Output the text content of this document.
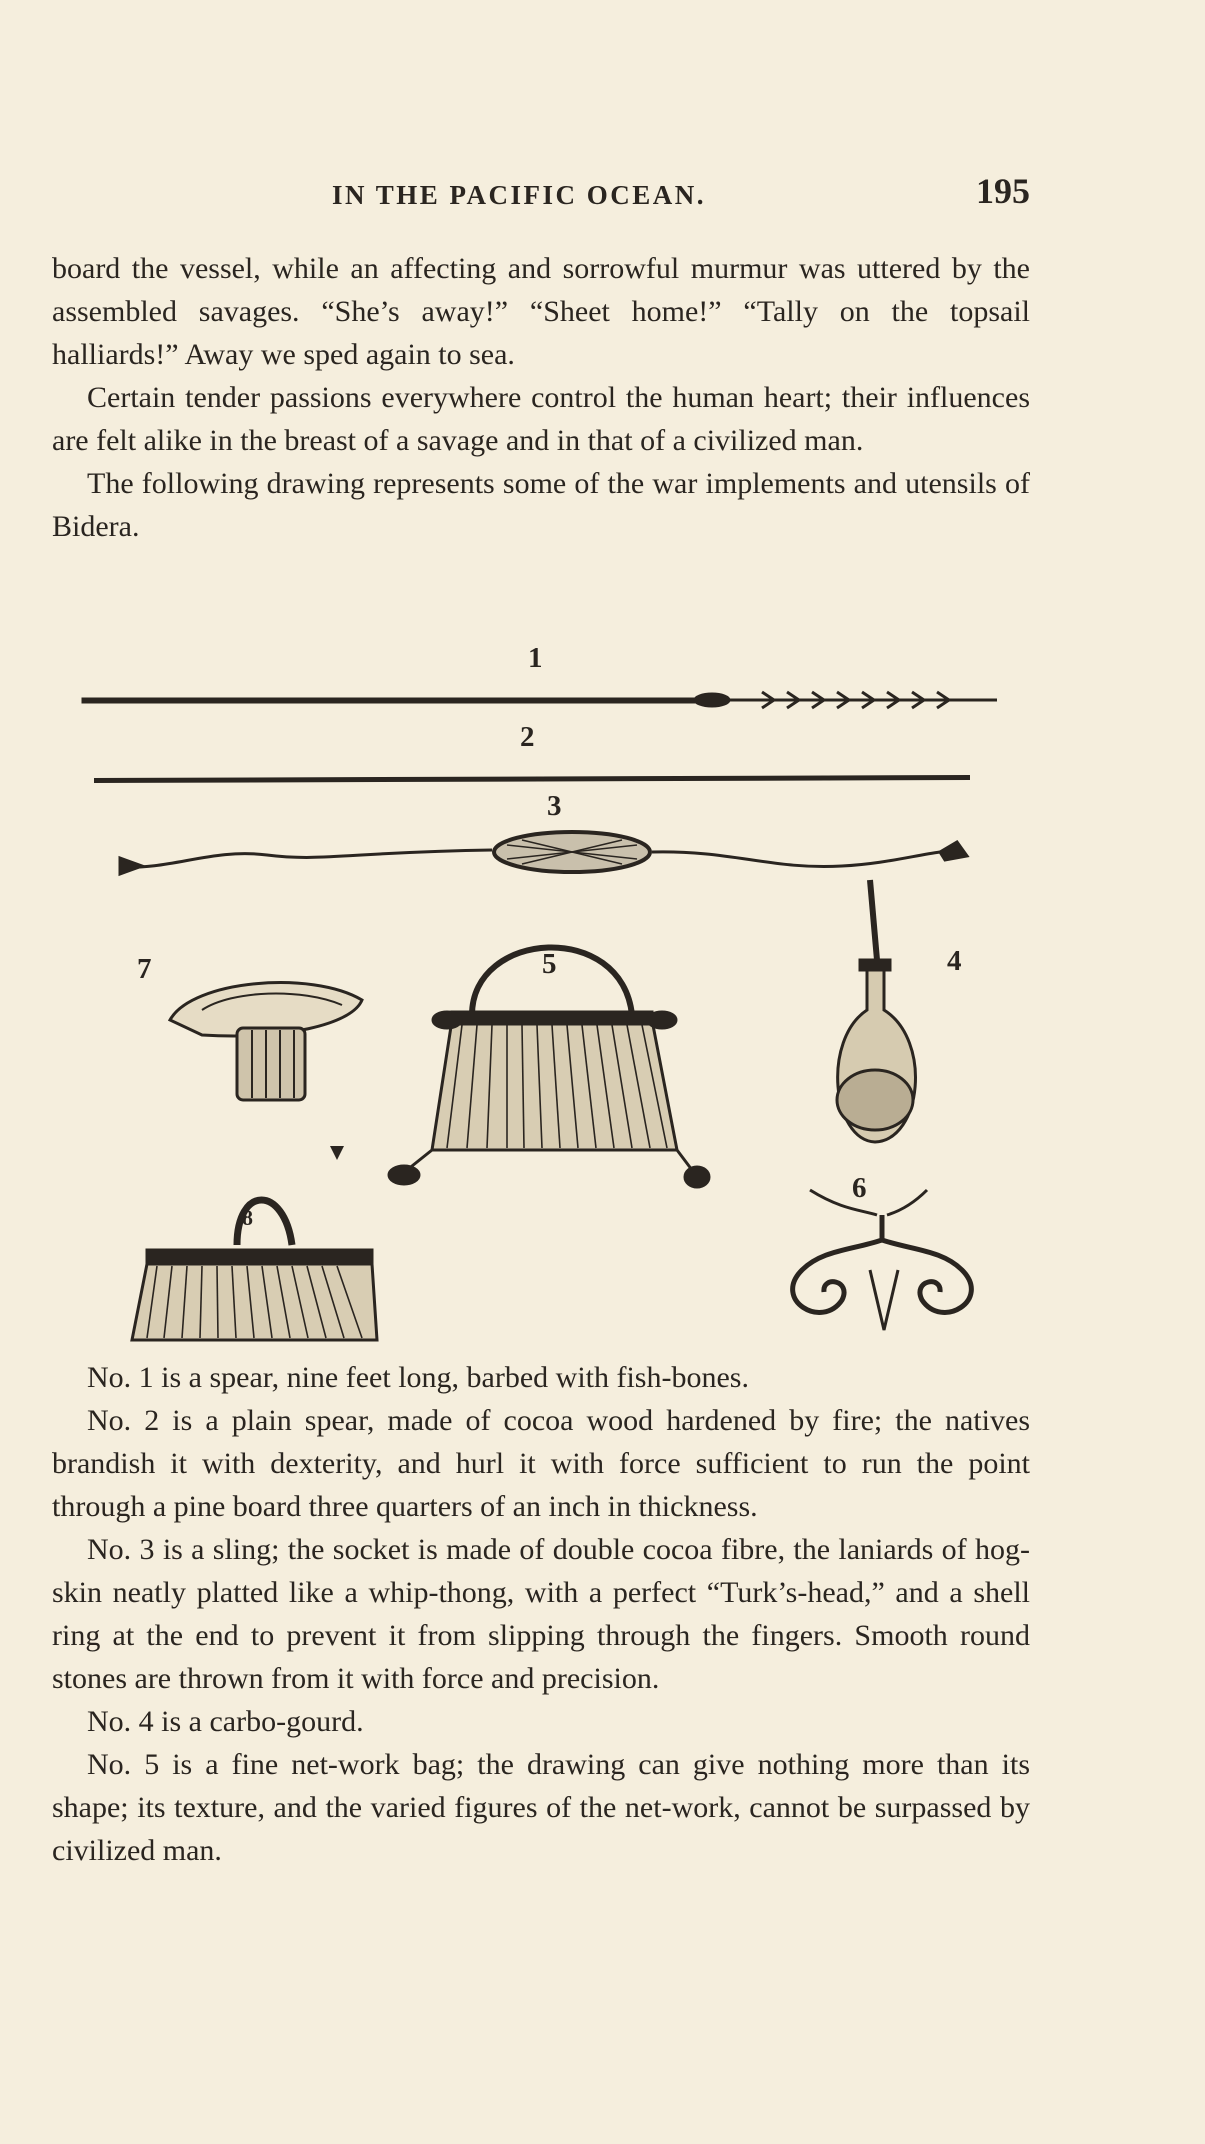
IN THE PACIFIC OCEAN.	195

board the vessel, while an affecting and sorrowful murmur was uttered by the assembled savages. “She’s away!” “Sheet home!” “Tally on the topsail halliards!” Away we sped again to sea.

Certain tender passions everywhere control the human heart; their influences are felt alike in the breast of a savage and in that of a civilized man.

The following drawing represents some of the war implements and utensils of Bidera.

1
2
3
4
5
6
7
8

No. 1 is a spear, nine feet long, barbed with fish-bones.

No. 2 is a plain spear, made of cocoa wood hardened by fire; the natives brandish it with dexterity, and hurl it with force sufficient to run the point through a pine board three quarters of an inch in thickness.

No. 3 is a sling; the socket is made of double cocoa fibre, the laniards of hog-skin neatly platted like a whip-thong, with a perfect “Turk’s-head,” and a shell ring at the end to prevent it from slipping through the fingers. Smooth round stones are thrown from it with force and precision.

No. 4 is a carbo-gourd.

No. 5 is a fine net-work bag; the drawing can give nothing more than its shape; its texture, and the varied figures of the net-work, cannot be surpassed by civilized man.
